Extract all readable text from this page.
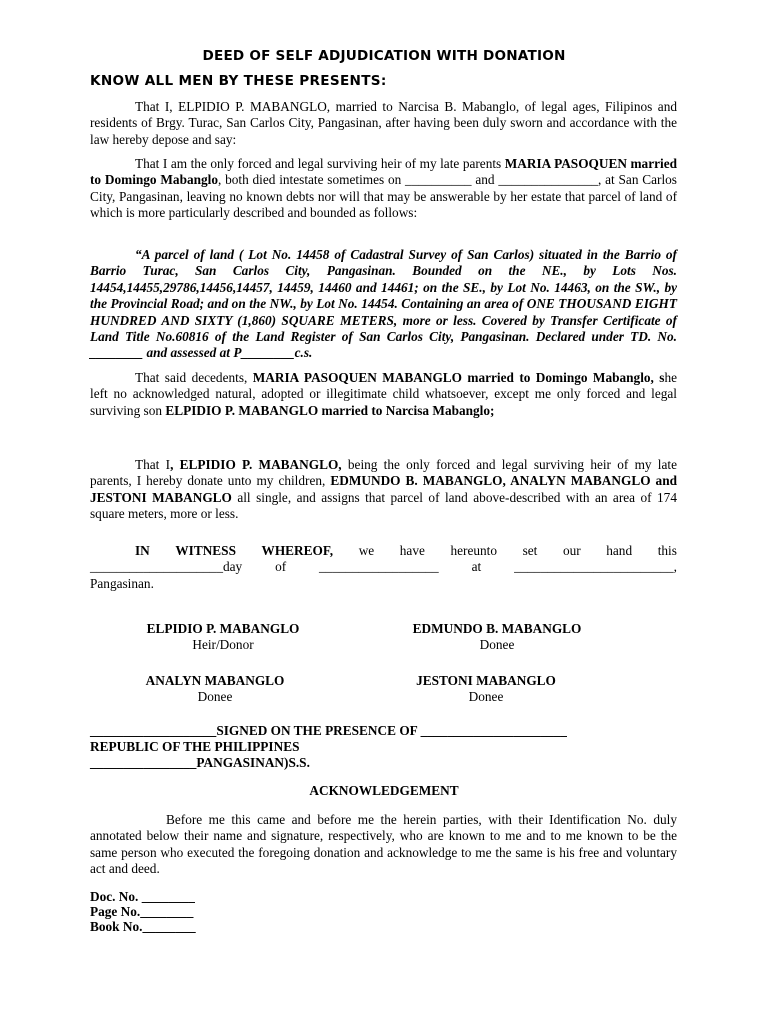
DEED OF SELF ADJUDICATION WITH DONATION
KNOW ALL MEN BY THESE PRESENTS:

That I, ELPIDIO P. MABANGLO, married to Narcisa B. Mabanglo, of legal ages, Filipinos and residents of Brgy. Turac, San Carlos City, Pangasinan, after having been duly sworn and accordance with the law hereby depose and say:

That I am the only forced and legal surviving heir of my late parents MARIA PASOQUEN married to Domingo Mabanglo, both died intestate sometimes on __________ and _______________, at San Carlos City, Pangasinan, leaving no known debts nor will that may be answerable by her estate that parcel of land of which is more particularly described and bounded as follows:

“A parcel of land ( Lot No. 14458 of Cadastral Survey of San Carlos) situated in the Barrio of Barrio Turac, San Carlos City, Pangasinan. Bounded on the NE., by Lots Nos. 14454,14455,29786,14456,14457, 14459, 14460 and 14461; on the SE., by Lot No. 14463, on the SW., by the Provincial Road; and on the NW., by Lot No. 14454. Containing an area of ONE THOUSAND EIGHT HUNDRED AND SIXTY (1,860) SQUARE METERS, more or less. Covered by Transfer Certificate of Land Title No.60816 of the Land Register of San Carlos City, Pangasinan. Declared under TD. No. ________ and assessed at P________c.s.

That said decedents, MARIA PASOQUEN MABANGLO married to Domingo Mabanglo, she left no acknowledged natural, adopted or illegitimate child whatsoever, except me only forced and legal surviving son ELPIDIO P. MABANGLO married to Narcisa Mabanglo;

That I, ELPIDIO P. MABANGLO, being the only forced and legal surviving heir of my late parents, I hereby donate unto my children, EDMUNDO B. MABANGLO, ANALYN MABANGLO and JESTONI MABANGLO all single, and assigns that parcel of land above-described with an area of 174 square meters, more or less.

IN WITNESS WHEREOF, we have hereunto set our hand this
____________________day of __________________ at ________________________,
Pangasinan.
ELPIDIO P. MABANGLO
Heir/Donor
EDMUNDO B. MABANGLO
Donee
ANALYN MABANGLO
Donee
JESTONI MABANGLO
Donee
___________________SIGNED ON THE PRESENCE OF ______________________
REPUBLIC OF THE PHILIPPINES
________________PANGASINAN)S.S.
ACKNOWLEDGEMENT

Before me this came and before me the herein parties, with their Identification No. duly annotated below their name and signature, respectively, who are known to me and to me known to be the same person who executed the foregoing donation and acknowledge to me the same is his free and voluntary act and deed.

Doc. No. ________
Page No.________
Book No.________
